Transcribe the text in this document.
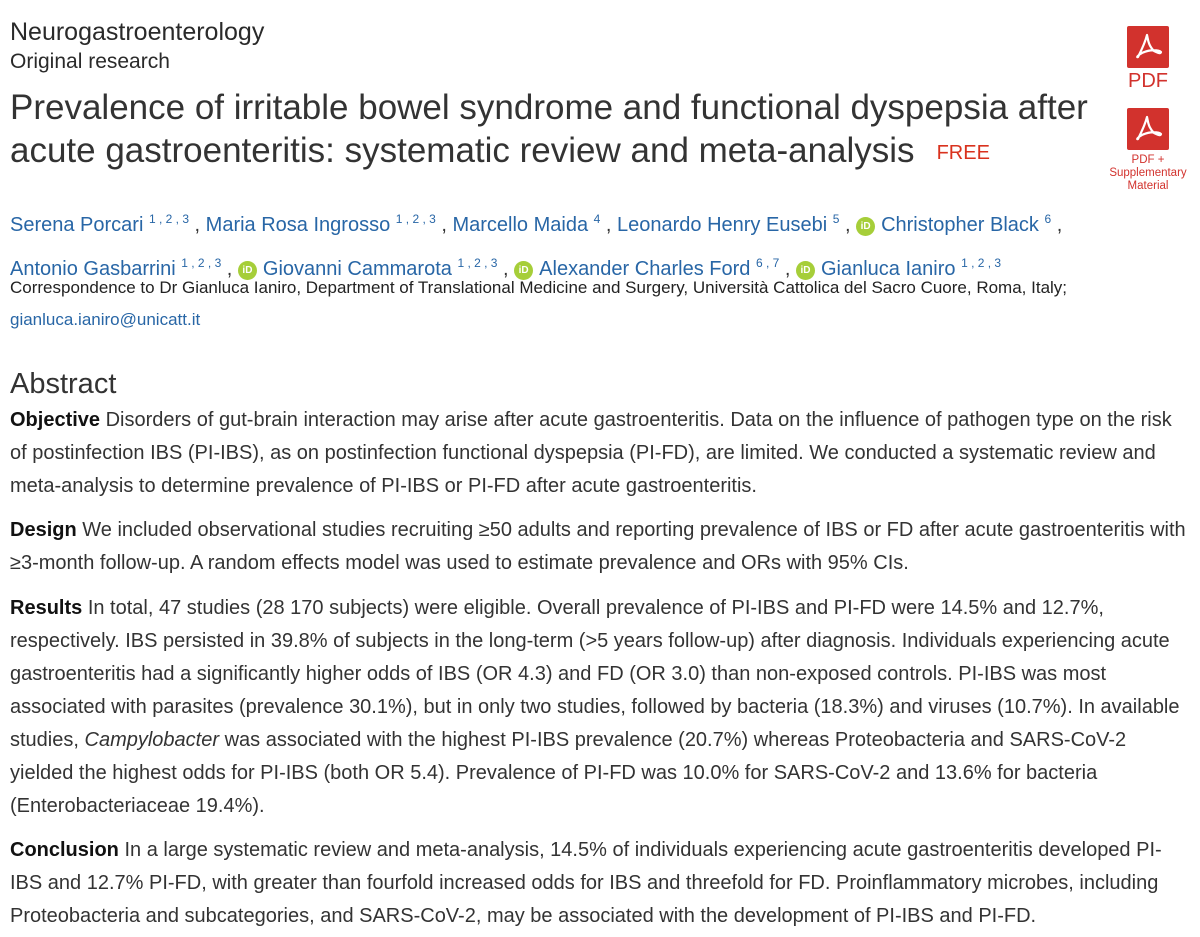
Neurogastroenterology
Original research
Prevalence of irritable bowel syndrome and functional dyspepsia after acute gastroenteritis: systematic review and meta-analysis FREE
PDF
PDF + Supplementary Material
Serena Porcari $^{1 , 2 , 3}$ , Maria Rosa Ingrosso $^{1 , 2 , 3}$ , Marcello Maida $^4$ , Leonardo Henry Eusebi $^5$ , iD Christopher Black $^6$ ,
Antonio Gasbarrini $^{1 , 2 , 3}$ , iD Giovanni Cammarota $^{1 , 2 , 3}$ , iD Alexander Charles Ford $^{6 , 7}$ , iD Gianluca Ianiro $^{1 , 2 , 3}$
Correspondence to Dr Gianluca Ianiro, Department of Translational Medicine and Surgery, Università Cattolica del Sacro Cuore, Roma, Italy;
gianluca.ianiro@unicatt.it
Abstract

Objective Disorders of gut-brain interaction may arise after acute gastroenteritis. Data on the influence of pathogen type on the risk of postinfection IBS (PI-IBS), as on postinfection functional dyspepsia (PI-FD), are limited. We conducted a systematic review and meta-analysis to determine prevalence of PI-IBS or PI-FD after acute gastroenteritis.

Design We included observational studies recruiting ≥50 adults and reporting prevalence of IBS or FD after acute gastroenteritis with ≥3-month follow-up. A random effects model was used to estimate prevalence and ORs with 95% CIs.

Results In total, 47 studies (28 170 subjects) were eligible. Overall prevalence of PI-IBS and PI-FD were 14.5% and 12.7%, respectively. IBS persisted in 39.8% of subjects in the long-term (>5 years follow-up) after diagnosis. Individuals experiencing acute gastroenteritis had a significantly higher odds of IBS (OR 4.3) and FD (OR 3.0) than non-exposed controls. PI-IBS was most associated with parasites (prevalence 30.1%), but in only two studies, followed by bacteria (18.3%) and viruses (10.7%). In available studies, Campylobacter was associated with the highest PI-IBS prevalence (20.7%) whereas Proteobacteria and SARS-CoV-2 yielded the highest odds for PI-IBS (both OR 5.4). Prevalence of PI-FD was 10.0% for SARS-CoV-2 and 13.6% for bacteria (Enterobacteriaceae 19.4%).

Conclusion In a large systematic review and meta-analysis, 14.5% of individuals experiencing acute gastroenteritis developed PI-IBS and 12.7% PI-FD, with greater than fourfold increased odds for IBS and threefold for FD. Proinflammatory microbes, including Proteobacteria and subcategories, and SARS-CoV-2, may be associated with the development of PI-IBS and PI-FD.
